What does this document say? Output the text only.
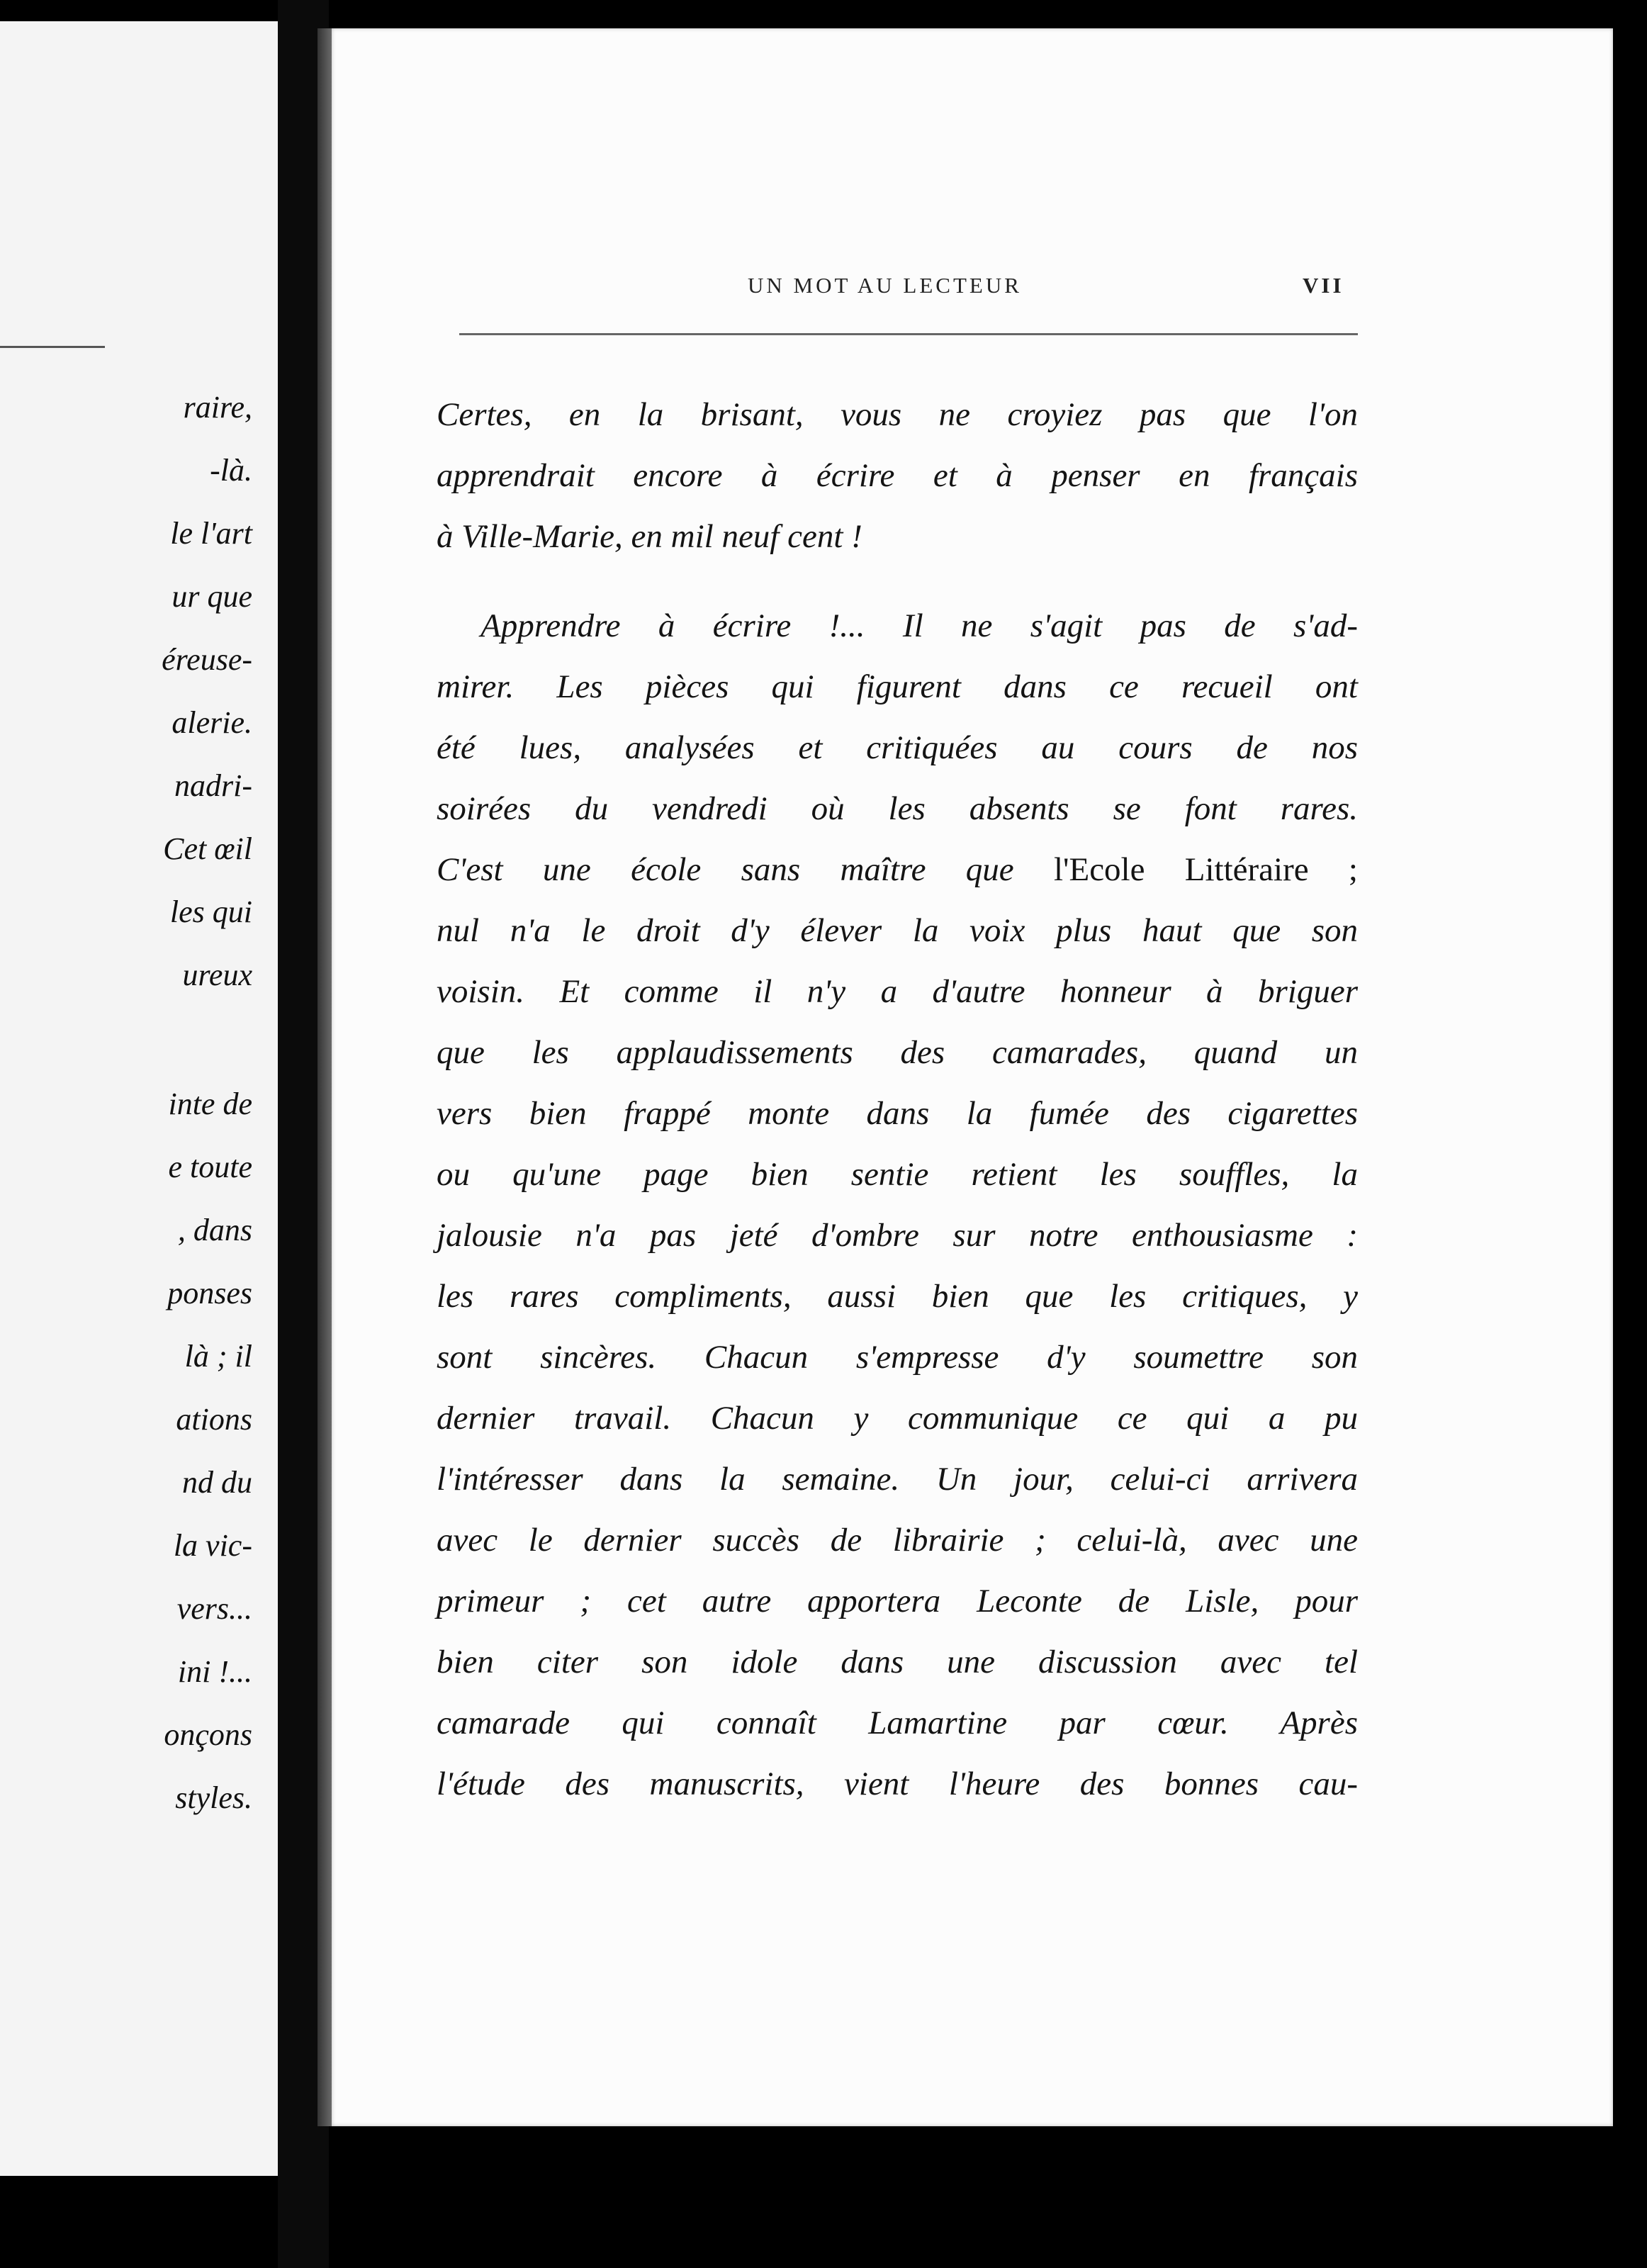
raire,
-là.
le l'art
ur que
éreuse-
alerie.
nadri-
Cet œil
les qui
ureux
inte de
e toute
, dans
ponses
là ; il
ations
nd du
la vic-
vers...
ini !...
onçons
styles.
UN MOT AU LECTEUR	VII
Certes, en la brisant, vous ne croyiez pas que l'on
apprendrait encore à écrire et à penser en français
à Ville-Marie, en mil neuf cent !
Apprendre à écrire !... Il ne s'agit pas de s'ad-
mirer. Les pièces qui figurent dans ce recueil ont
été lues, analysées et critiquées au cours de nos
soirées du vendredi où les absents se font rares.
C'est une école sans maître que l'Ecole Littéraire ;
nul n'a le droit d'y élever la voix plus haut que son
voisin. Et comme il n'y a d'autre honneur à briguer
que les applaudissements des camarades, quand un
vers bien frappé monte dans la fumée des cigarettes
ou qu'une page bien sentie retient les souffles, la
jalousie n'a pas jeté d'ombre sur notre enthousiasme :
les rares compliments, aussi bien que les critiques, y
sont sincères. Chacun s'empresse d'y soumettre son
dernier travail. Chacun y communique ce qui a pu
l'intéresser dans la semaine. Un jour, celui-ci arrivera
avec le dernier succès de librairie ; celui-là, avec une
primeur ; cet autre apportera Leconte de Lisle, pour
bien citer son idole dans une discussion avec tel
camarade qui connaît Lamartine par cœur. Après
l'étude des manuscrits, vient l'heure des bonnes cau-
